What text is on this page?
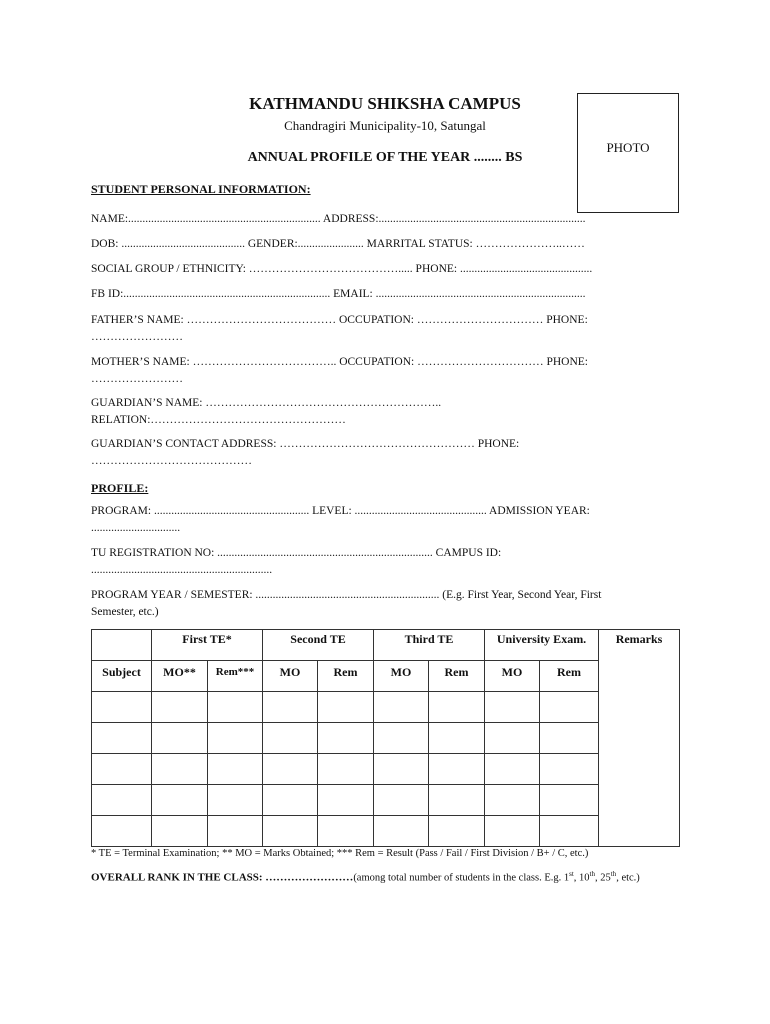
KATHMANDU SHIKSHA CAMPUS
Chandragiri Municipality-10, Satungal
ANNUAL PROFILE OF THE YEAR ........ BS
PHOTO
STUDENT PERSONAL INFORMATION:
NAME:................................................................... ADDRESS:........................................................................
DOB: ........................................... GENDER:....................... MARRITAL STATUS: …………………..……
SOCIAL GROUP / ETHNICITY: …………………………………..... PHONE: ..............................................
FB ID:........................................................................ EMAIL: .........................................................................
FATHER’S NAME: ………………………………… OCCUPATION: …………………………… PHONE:
……………………
MOTHER’S NAME: ……………………………….. OCCUPATION: …………………………… PHONE:
……………………
GUARDIAN’S NAME: ……………………………………………………..
RELATION:……………………………………………
GUARDIAN’S CONTACT ADDRESS: …………………………………………… PHONE:
……………………………………
PROFILE:
PROGRAM: ...................................................... LEVEL: .............................................. ADMISSION YEAR:
...............................
TU REGISTRATION NO: ........................................................................... CAMPUS ID:
...............................................................
PROGRAM YEAR / SEMESTER: ................................................................ (E.g. First Year, Second Year, First
Semester, etc.)
	First TE*		Second TE		Third TE		University Exam.		Remarks
Subject	MO**	Rem***	MO	Rem	MO	Rem	MO	Rem	

* TE = Terminal Examination; ** MO = Marks Obtained; *** Rem = Result (Pass / Fail / First Division / B+ / C, etc.)
OVERALL RANK IN THE CLASS: ……………………(among total number of students in the class. E.g. 1st, 10th, 25th, etc.)
